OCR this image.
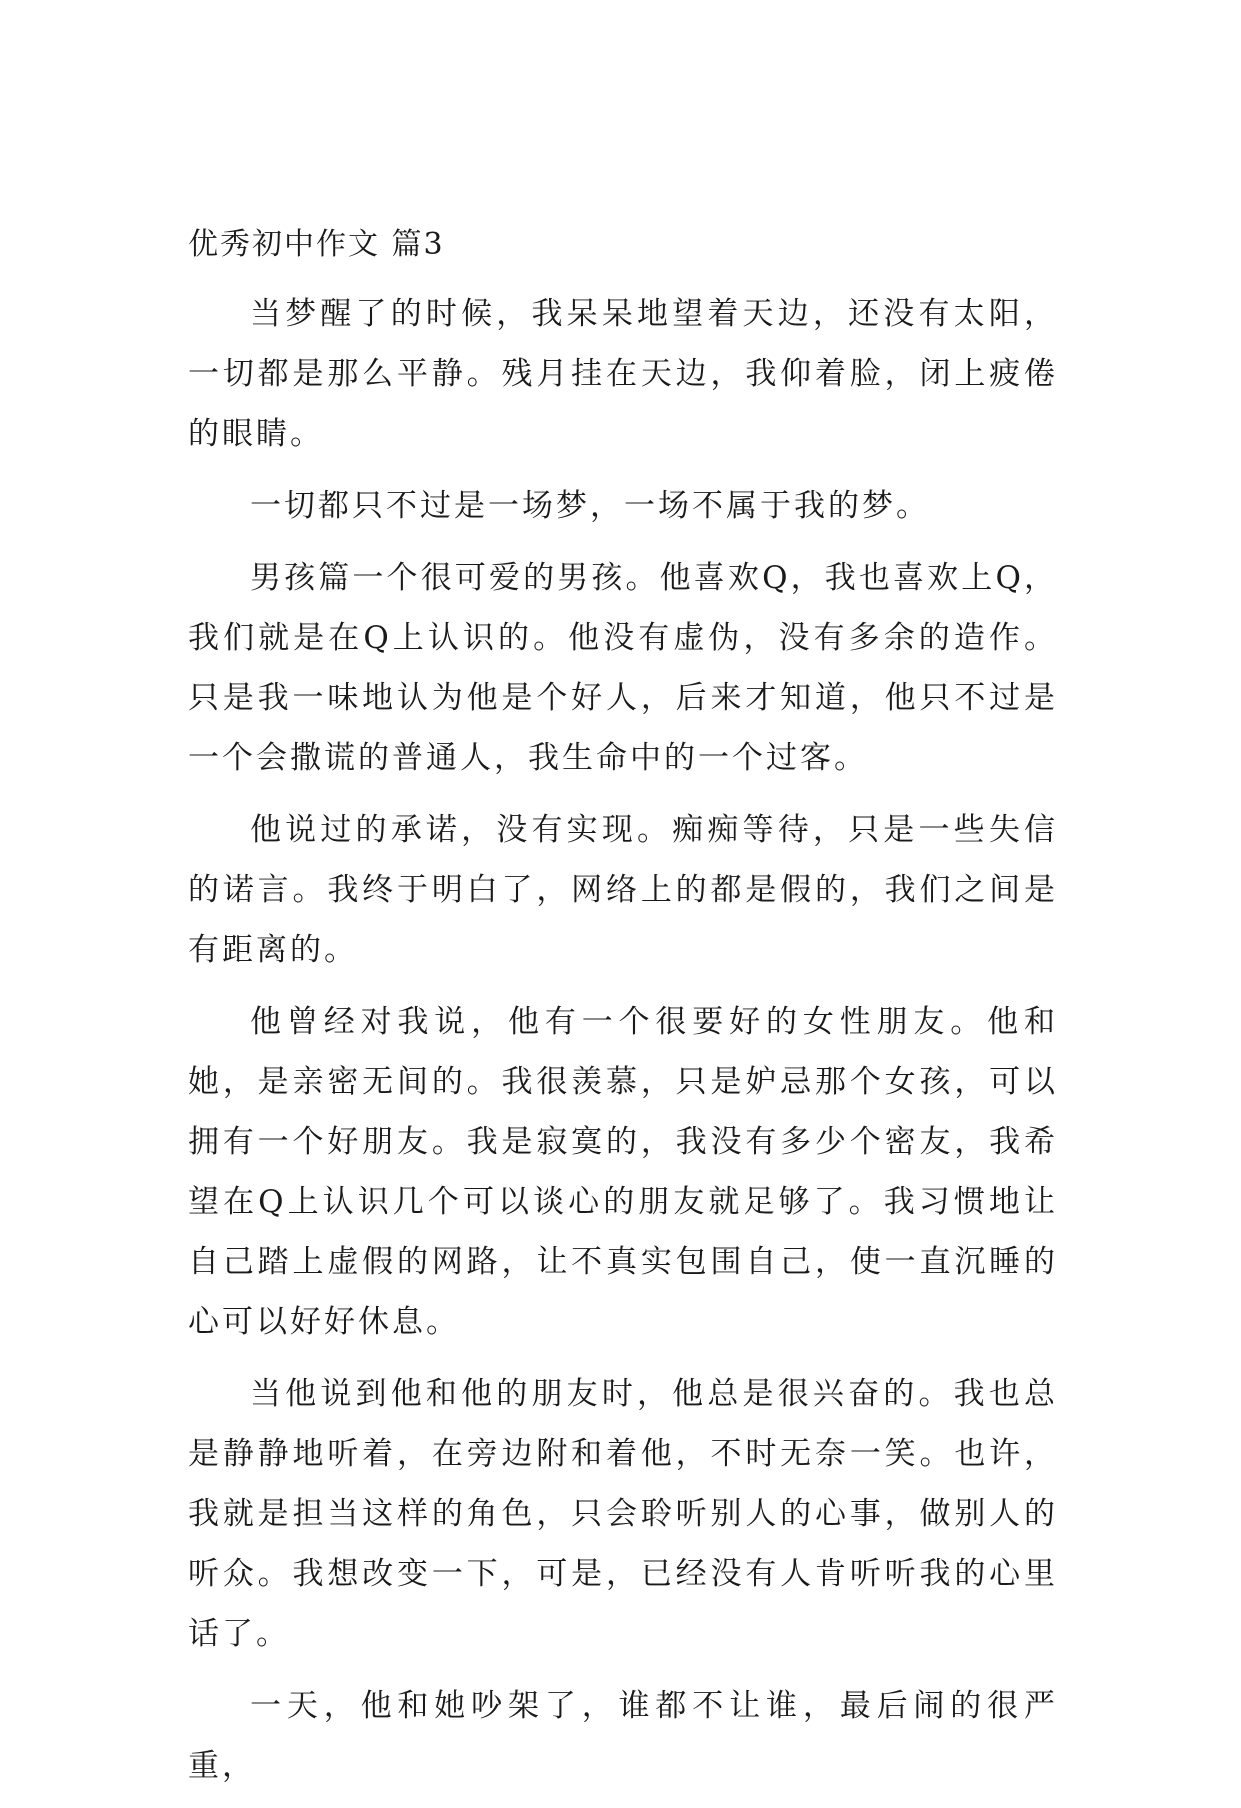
优秀初中作文 篇3

当梦醒了的时候，我呆呆地望着天边，还没有太阳，一切都是那么平静。残月挂在天边，我仰着脸，闭上疲倦的眼睛。

一切都只不过是一场梦，一场不属于我的梦。

男孩篇一个很可爱的男孩。他喜欢Q，我也喜欢上Q，我们就是在Q上认识的。他没有虚伪，没有多余的造作。只是我一味地认为他是个好人，后来才知道，他只不过是一个会撒谎的普通人，我生命中的一个过客。

他说过的承诺，没有实现。痴痴等待，只是一些失信的诺言。我终于明白了，网络上的都是假的，我们之间是有距离的。

他曾经对我说，他有一个很要好的女性朋友。他和她，是亲密无间的。我很羡慕，只是妒忌那个女孩，可以拥有一个好朋友。我是寂寞的，我没有多少个密友，我希望在Q上认识几个可以谈心的朋友就足够了。我习惯地让自己踏上虚假的网路，让不真实包围自己，使一直沉睡的心可以好好休息。

当他说到他和他的朋友时，他总是很兴奋的。我也总是静静地听着，在旁边附和着他，不时无奈一笑。也许，我就是担当这样的角色，只会聆听别人的心事，做别人的听众。我想改变一下，可是，已经没有人肯听听我的心里话了。

一天，他和她吵架了，谁都不让谁，最后闹的很严重，
